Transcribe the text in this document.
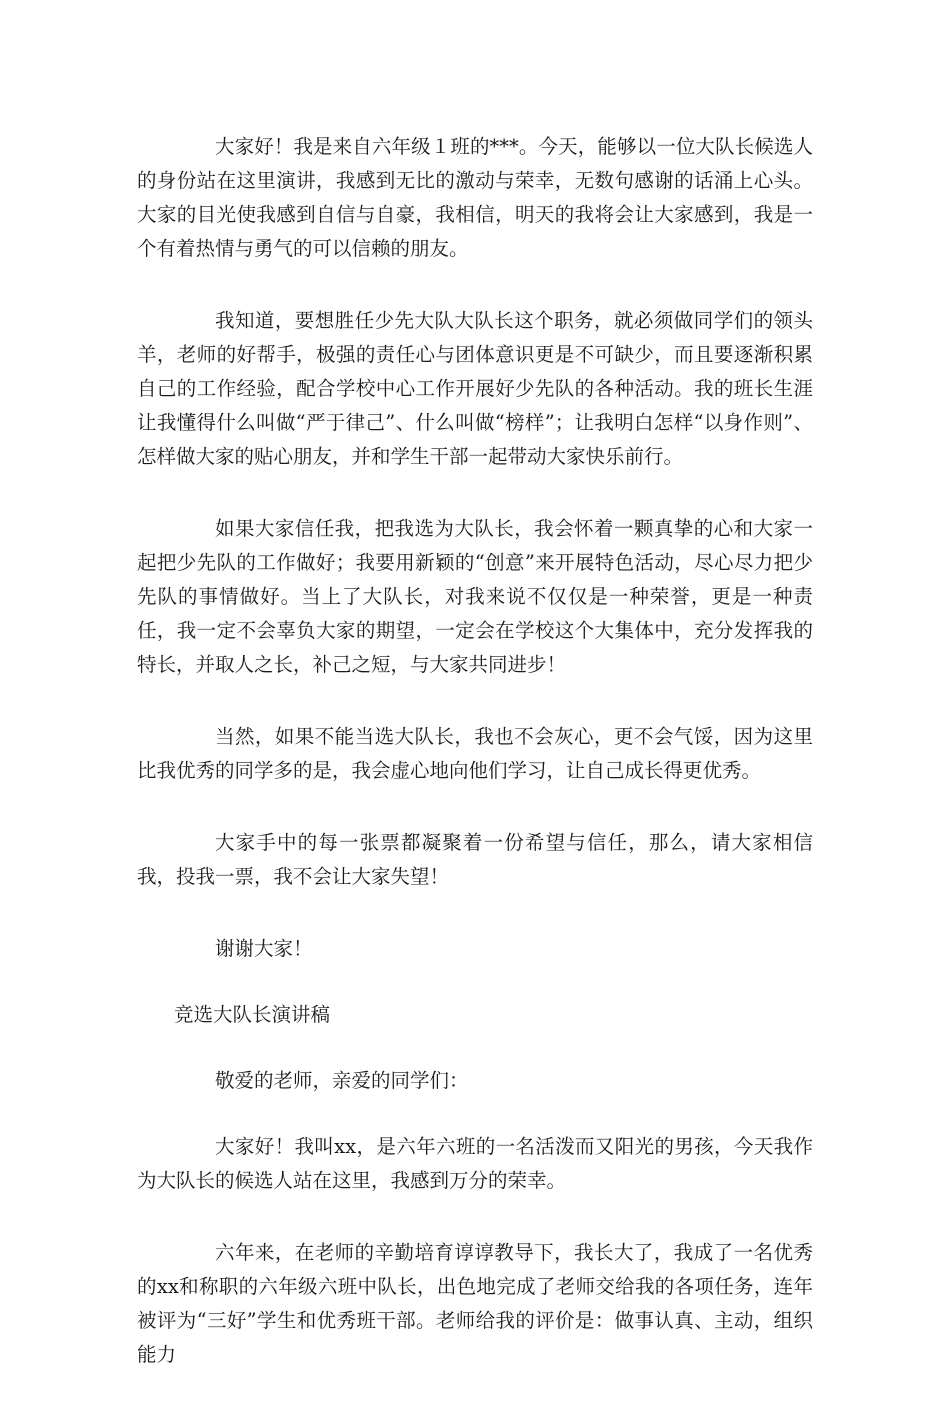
大家好！我是来自六年级１班的***。今天，能够以一位大队长候选人的身份站在这里演讲，我感到无比的激动与荣幸，无数句感谢的话涌上心头。大家的目光使我感到自信与自豪，我相信，明天的我将会让大家感到，我是一个有着热情与勇气的可以信赖的朋友。

我知道，要想胜任少先大队大队长这个职务，就必须做同学们的领头羊，老师的好帮手，极强的责任心与团体意识更是不可缺少，而且要逐渐积累自己的工作经验，配合学校中心工作开展好少先队的各种活动。我的班长生涯让我懂得什么叫做“严于律己”、什么叫做“榜样”；让我明白怎样“以身作则”、怎样做大家的贴心朋友，并和学生干部一起带动大家快乐前行。

如果大家信任我，把我选为大队长，我会怀着一颗真挚的心和大家一起把少先队的工作做好；我要用新颖的“创意”来开展特色活动，尽心尽力把少先队的事情做好。当上了大队长，对我来说不仅仅是一种荣誉，更是一种责任，我一定不会辜负大家的期望，一定会在学校这个大集体中，充分发挥我的特长，并取人之长，补己之短，与大家共同进步！

当然，如果不能当选大队长，我也不会灰心，更不会气馁，因为这里比我优秀的同学多的是，我会虚心地向他们学习，让自己成长得更优秀。

大家手中的每一张票都凝聚着一份希望与信任，那么，请大家相信我，投我一票，我不会让大家失望！

谢谢大家！

竞选大队长演讲稿

敬爱的老师，亲爱的同学们：

大家好！我叫xx，是六年六班的一名活泼而又阳光的男孩，今天我作为大队长的候选人站在这里，我感到万分的荣幸。

六年来，在老师的辛勤培育谆谆教导下，我长大了，我成了一名优秀的xx和称职的六年级六班中队长，出色地完成了老师交给我的各项任务，连年被评为“三好”学生和优秀班干部。老师给我的评价是：做事认真、主动，组织能力
